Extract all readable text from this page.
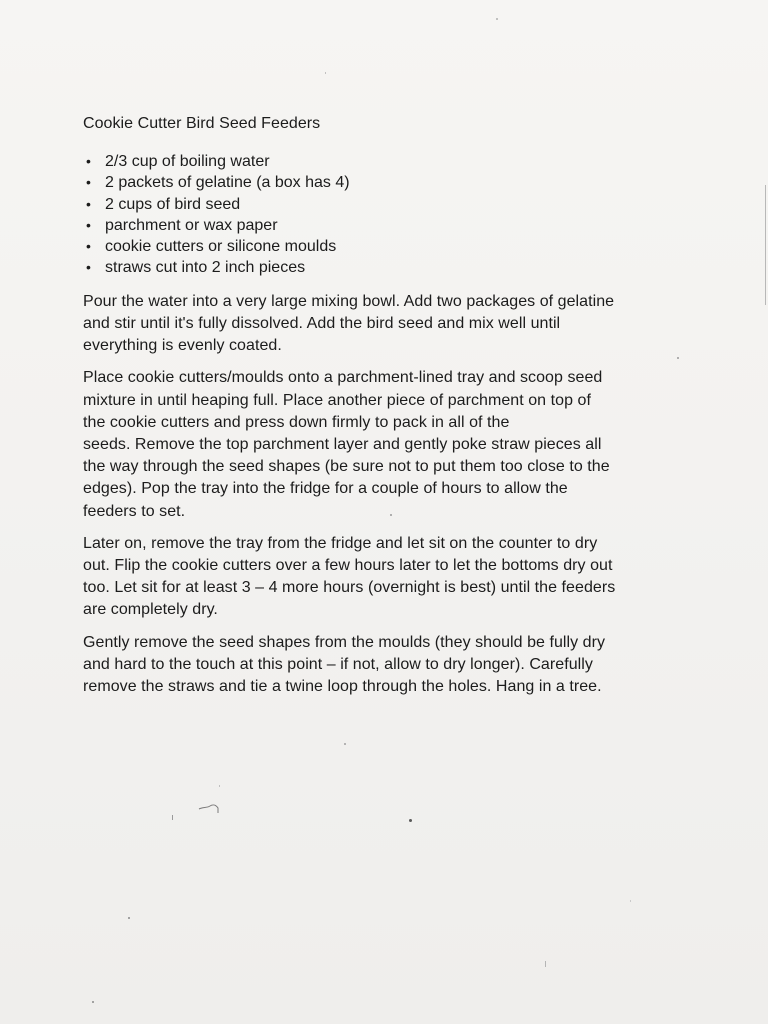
Cookie Cutter Bird Seed Feeders
• 2/3 cup of boiling water
• 2 packets of gelatine (a box has 4)
• 2 cups of bird seed
• parchment or wax paper
• cookie cutters or silicone moulds
• straws cut into 2 inch pieces
Pour the water into a very large mixing bowl. Add two packages of gelatine
and stir until it's fully dissolved. Add the bird seed and mix well until
everything is evenly coated.
Place cookie cutters/moulds onto a parchment-lined tray and scoop seed
mixture in until heaping full. Place another piece of parchment on top of
the cookie cutters and press down firmly to pack in all of the
seeds. Remove the top parchment layer and gently poke straw pieces all
the way through the seed shapes (be sure not to put them too close to the
edges). Pop the tray into the fridge for a couple of hours to allow the
feeders to set.
Later on, remove the tray from the fridge and let sit on the counter to dry
out. Flip the cookie cutters over a few hours later to let the bottoms dry out
too. Let sit for at least 3 – 4 more hours (overnight is best) until the feeders
are completely dry.
Gently remove the seed shapes from the moulds (they should be fully dry
and hard to the touch at this point – if not, allow to dry longer). Carefully
remove the straws and tie a twine loop through the holes. Hang in a tree.
